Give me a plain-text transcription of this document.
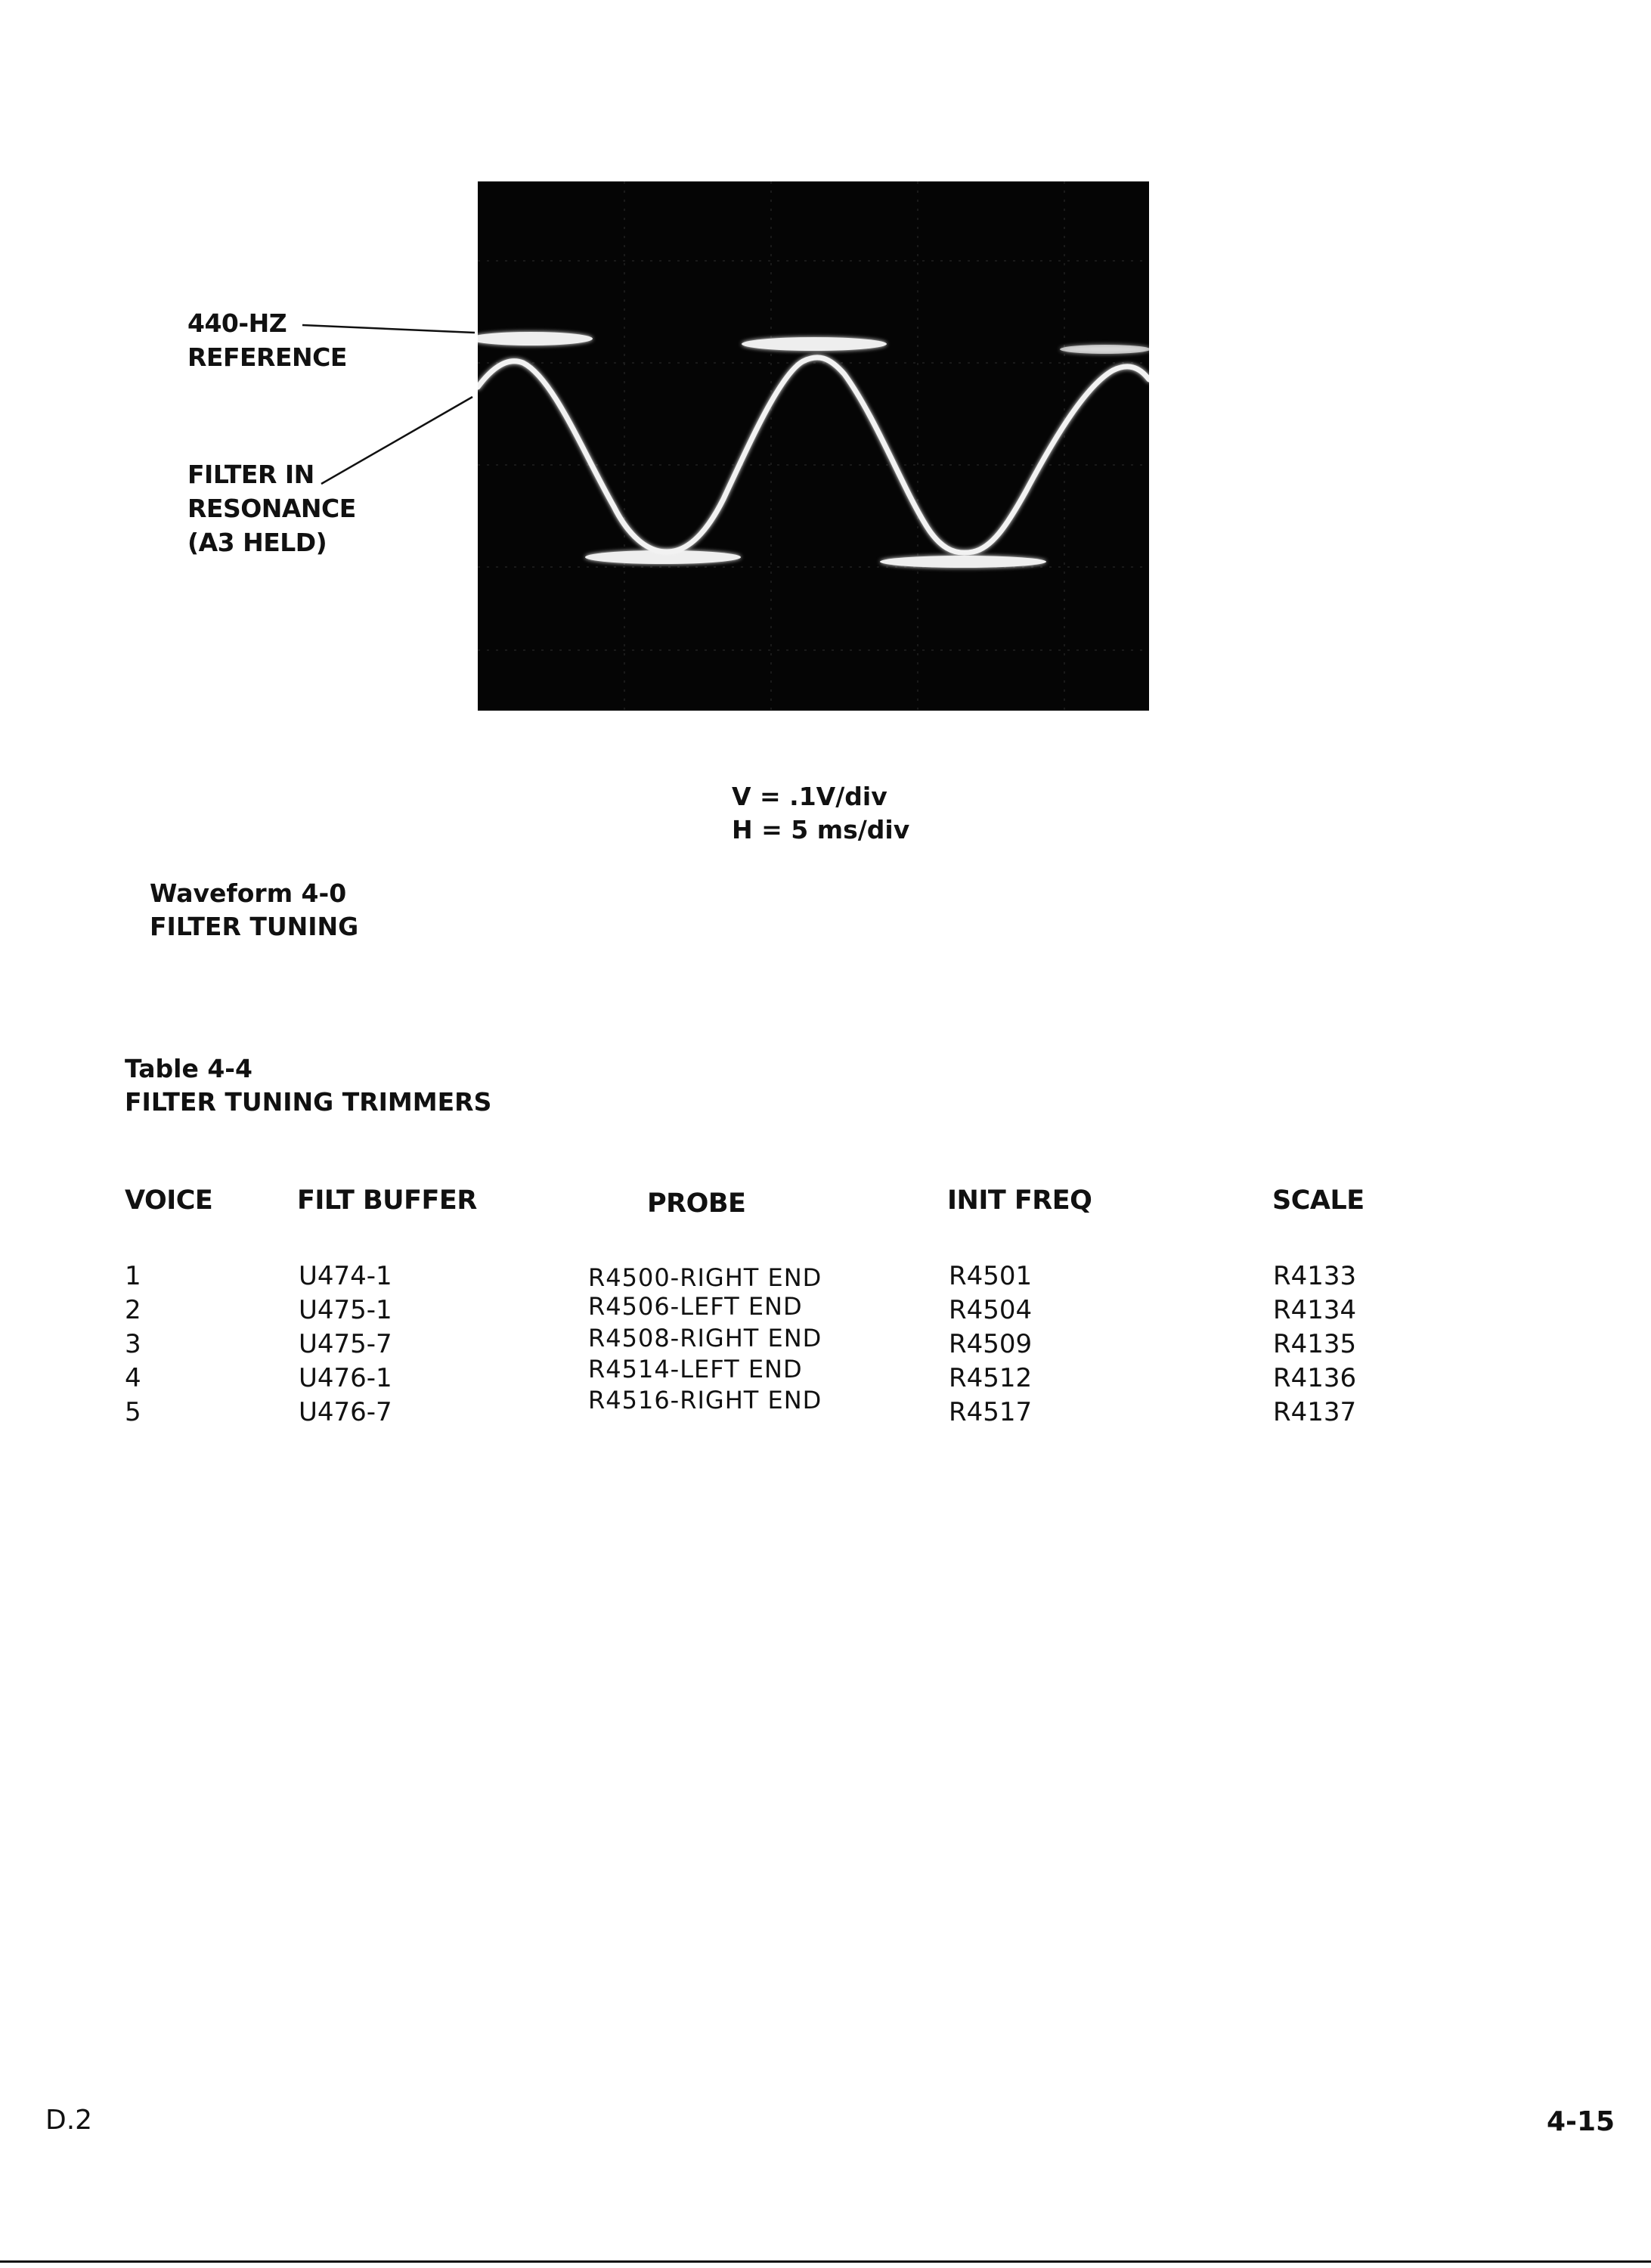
440-HZ
REFERENCE
FILTER IN
RESONANCE
(A3 HELD)
V = .1V/div
H = 5 ms/div
Waveform 4-0
FILTER TUNING
Table 4-4
FILTER TUNING TRIMMERS
VOICE	FILT BUFFER	PROBE	INIT FREQ	SCALE
1	U474-1	R4500-RIGHT END	R4501	R4133
2	U475-1	R4506-LEFT END	R4504	R4134
3	U475-7	R4508-RIGHT END	R4509	R4135
4	U476-1	R4514-LEFT END	R4512	R4136
5	U476-7	R4516-RIGHT END	R4517	R4137
D.2	4-15
